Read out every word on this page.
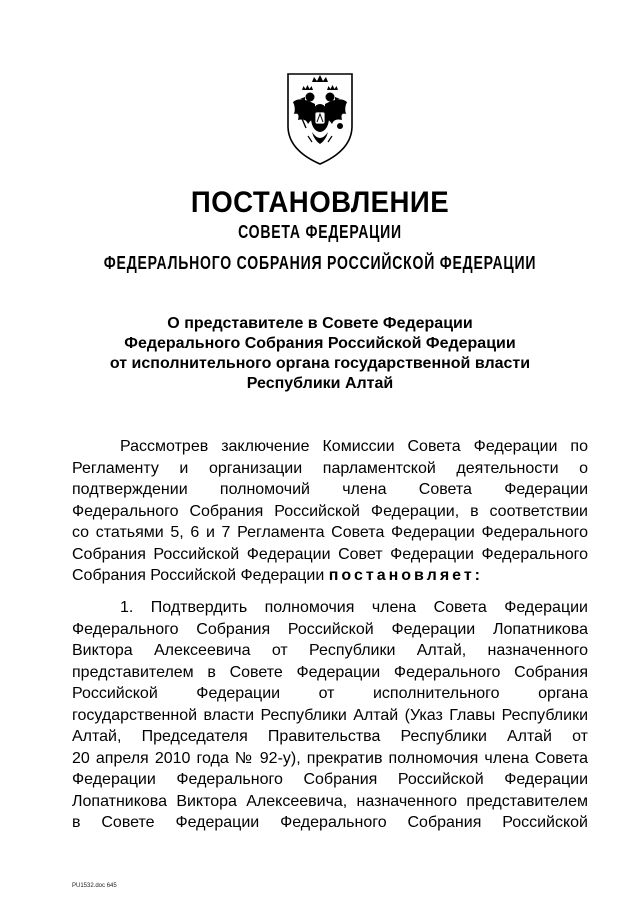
ПОСТАНОВЛЕНИЕ
СОВЕТА ФЕДЕРАЦИИ
ФЕДЕРАЛЬНОГО СОБРАНИЯ РОССИЙСКОЙ ФЕДЕРАЦИИ
О представителе в Совете Федерации
Федерального Собрания Российской Федерации
от исполнительного органа государственной власти
Республики Алтай
Рассмотрев заключение Комиссии Совета Федерации по
Регламенту и организации парламентской деятельности о
подтверждении полномочий члена Совета Федерации
Федерального Собрания Российской Федерации, в соответствии
со статьями 5, 6 и 7 Регламента Совета Федерации Федерального
Собрания Российской Федерации Совет Федерации Федерального
Собрания Российской Федерации постановляет:
1. Подтвердить полномочия члена Совета Федерации
Федерального Собрания Российской Федерации Лопатникова
Виктора Алексеевича от Республики Алтай, назначенного
представителем в Совете Федерации Федерального Собрания
Российской Федерации от исполнительного органа
государственной власти Республики Алтай (Указ Главы Республики
Алтай, Председателя Правительства Республики Алтай от
20 апреля 2010 года № 92-у), прекратив полномочия члена Совета
Федерации Федерального Собрания Российской Федерации
Лопатникова Виктора Алексеевича, назначенного представителем
в Совете Федерации Федерального Собрания Российской
РU1532.doc 645
